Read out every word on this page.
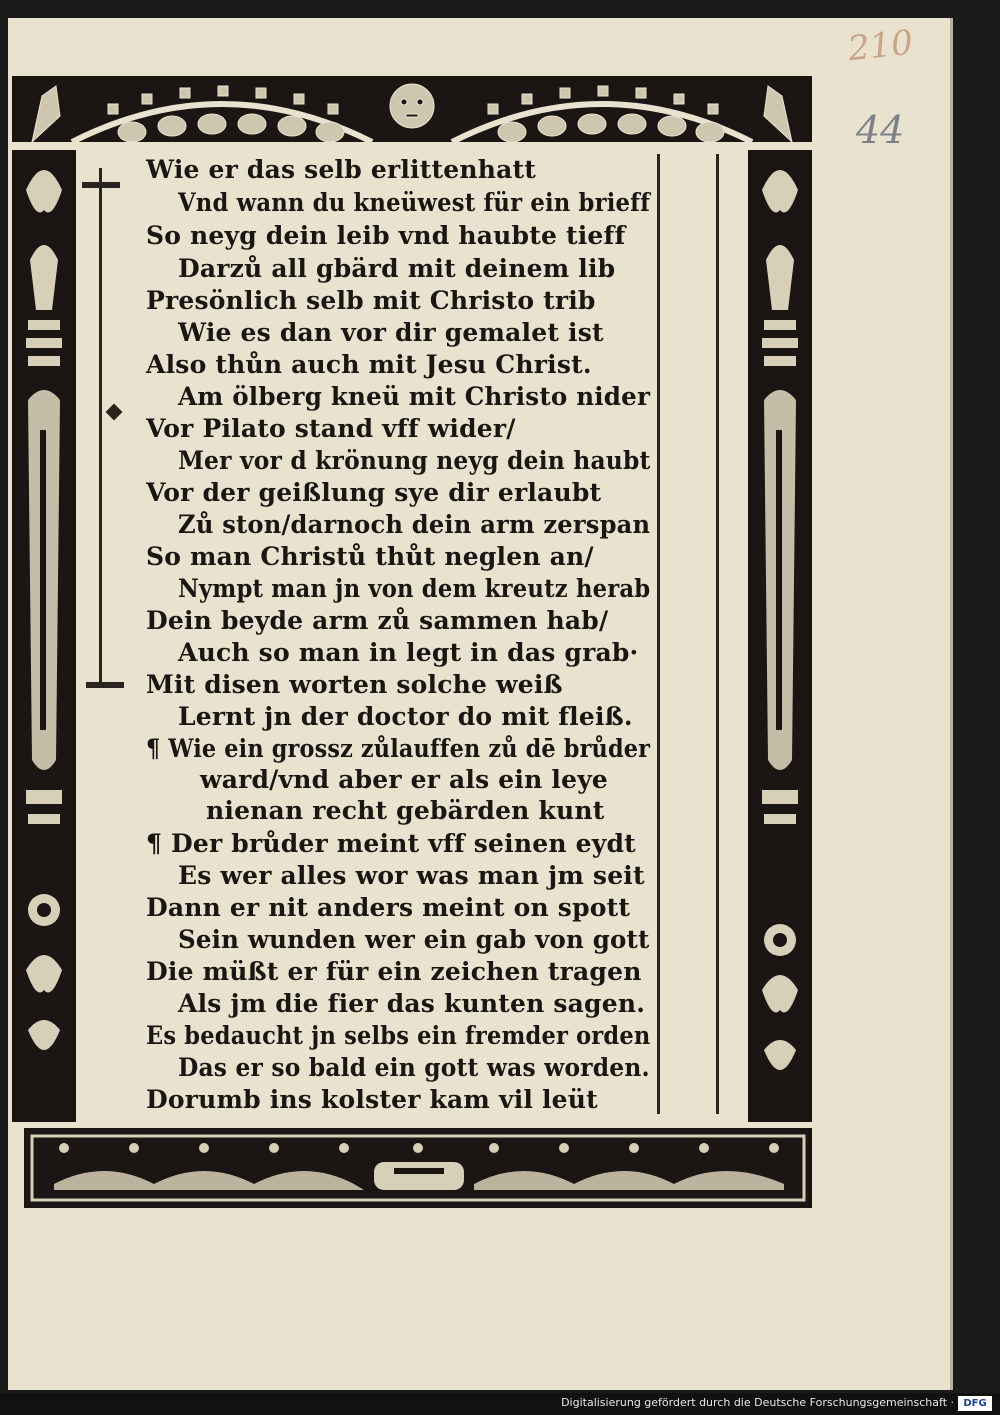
210
44
Wie er das selb erlittenhatt
Vnd wann du kneüwest für ein brieff
So neyg dein leib vnd haubte tieff
Darzů all gbärd mit deinem lib
Presönlich selb mit Christo trib
Wie es dan vor dir gemalet ist
Also thůn auch mit Jesu Christ.
Am ölberg kneü mit Christo nider
Vor Pilato stand vff wider/
Mer vor d krönung neyg dein haubt
Vor der geißlung sye dir erlaubt
Zů ston/darnoch dein arm zerspan
So man Christů thůt neglen an/
Nympt man jn von dem kreutz herab
Dein beyde arm zů sammen hab/
Auch so man in legt in das grab·
Mit disen worten solche weiß
Lernt jn der doctor do mit fleiß.
¶ Wie ein grossz zůlauffen zů dē brůder
ward/vnd aber er als ein leye
nienan recht gebärden kunt
¶ Der brůder meint vff seinen eydt
Es wer alles wor was man jm seit
Dann er nit anders meint on spott
Sein wunden wer ein gab von gott
Die müßt er für ein zeichen tragen
Als jm die fier das kunten sagen.
Es bedaucht jn selbs ein fremder orden
Das er so bald ein gott was worden.
Dorumb ins kolster kam vil leüt
Digitalisierung gefördert durch die Deutsche Forschungsgemeinschaft · DFG
